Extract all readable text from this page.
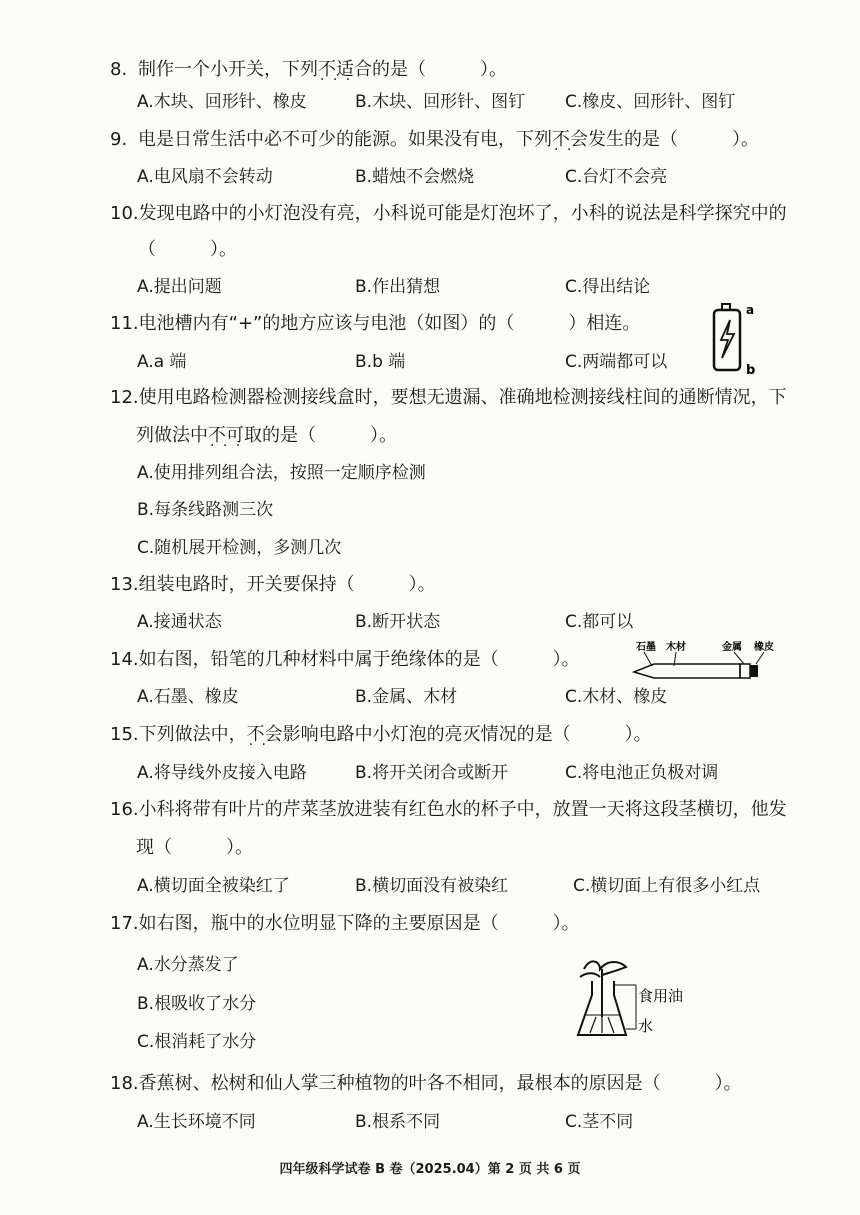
8. 制作一个小开关，下列不适合 · · ·的是（　　　）。
A.木块、回形针、橡皮	B.木块、回形针、图钉 C.橡皮、回形针、图钉
9. 电是日常生活中必不可少的能源。如果没有电，下列不会 · ·发生的是（　　　）。
A.电风扇不会转动	B.蜡烛不会燃烧	C.台灯不会亮
10.发现电路中的小灯泡没有亮，小科说可能是灯泡坏了，小科的说法是科学探究中的
（　　　）。
A.提出问题	B.作出猜想	C.得出结论
11.电池槽内有“+”的地方应该与电池（如图）的（　　　）相连。
A.a 端	B.b 端	C.两端都可以
a
b
12.使用电路检测器检测接线盒时，要想无遗漏、准确地检测接线柱间的通断情况，下
列做法中不可取 · · ·的是（　　　）。
A.使用排列组合法，按照一定顺序检测
B.每条线路测三次
C.随机展开检测，多测几次
13.组装电路时，开关要保持（　　　）。
A.接通状态	B.断开状态	C.都可以
14.如右图，铅笔的几种材料中属于绝缘体的是（　　　）。
A.石墨、橡皮	B.金属、木材	C.木材、橡皮
石墨 木材	金属 橡皮
15.下列做法中，不会 · ·影响电路中小灯泡的亮灭情况的是（　　　）。
A.将导线外皮接入电路	B.将开关闭合或断开	C.将电池正负极对调
16.小科将带有叶片的芹菜茎放进装有红色水的杯子中，放置一天将这段茎横切，他发
现（　　　）。
A.横切面全被染红了	B.横切面没有被染红	C.横切面上有很多小红点
17.如右图，瓶中的水位明显下降的主要原因是（　　　）。
A.水分蒸发了
B.根吸收了水分
C.根消耗了水分
食用油
水
18.香蕉树、松树和仙人掌三种植物的叶各不相同，最根本的原因是（　　　）。
A.生长环境不同	B.根系不同	C.茎不同
四年级科学试卷 B 卷（2025.04）第 2 页 共 6 页
